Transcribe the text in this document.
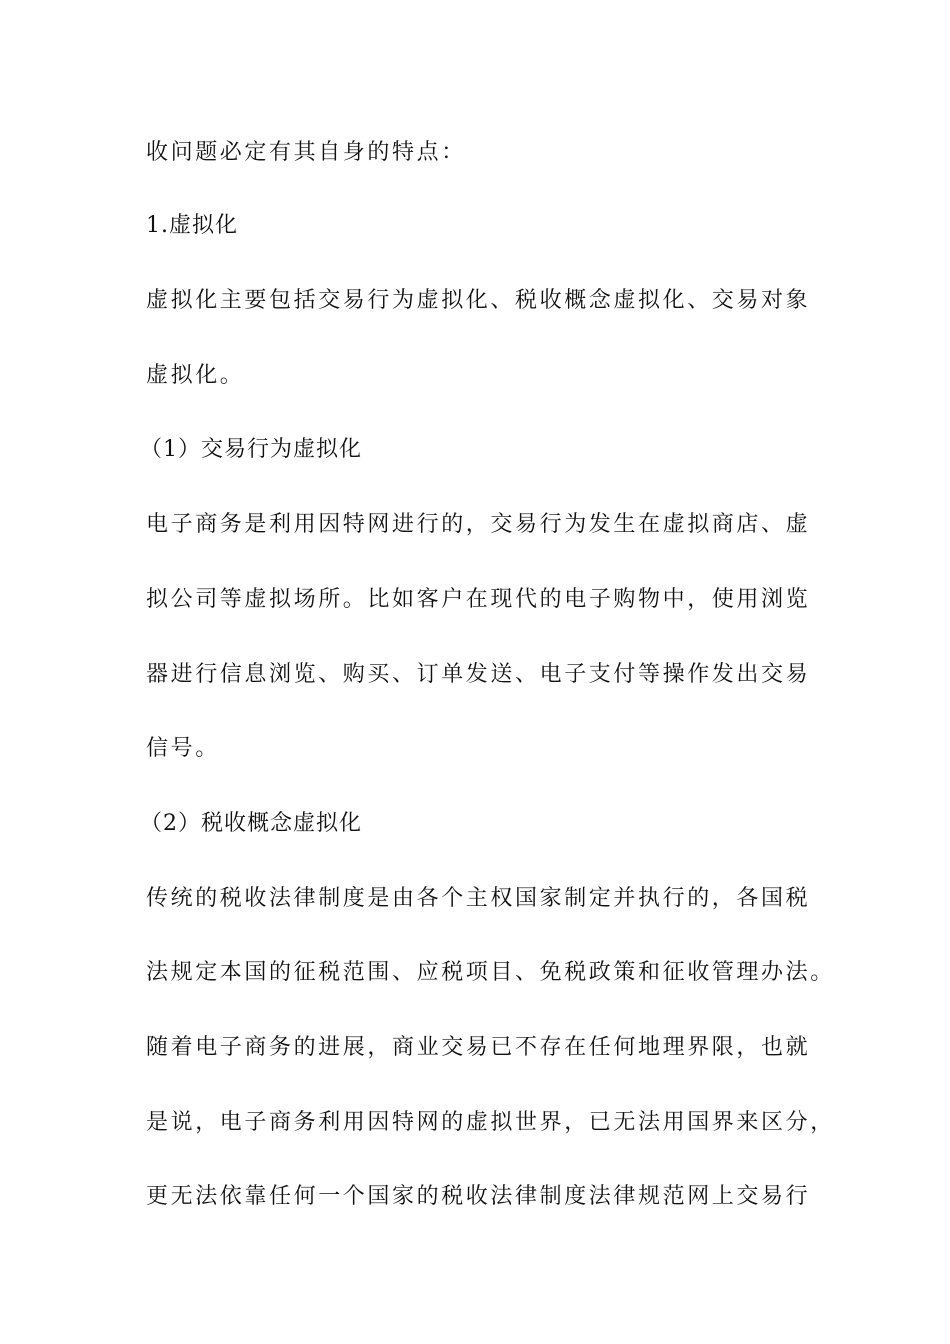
收问题必定有其自身的特点：
1.虚拟化
虚拟化主要包括交易行为虚拟化、税收概念虚拟化、交易对象
虚拟化。
（1）交易行为虚拟化
电子商务是利用因特网进行的，交易行为发生在虚拟商店、虚
拟公司等虚拟场所。比如客户在现代的电子购物中，使用浏览
器进行信息浏览、购买、订单发送、电子支付等操作发出交易
信号。
（2）税收概念虚拟化
传统的税收法律制度是由各个主权国家制定并执行的，各国税
法规定本国的征税范围、应税项目、免税政策和征收管理办法。
随着电子商务的进展，商业交易已不存在任何地理界限，也就
是说，电子商务利用因特网的虚拟世界，已无法用国界来区分，
更无法依靠任何一个国家的税收法律制度法律规范网上交易行
